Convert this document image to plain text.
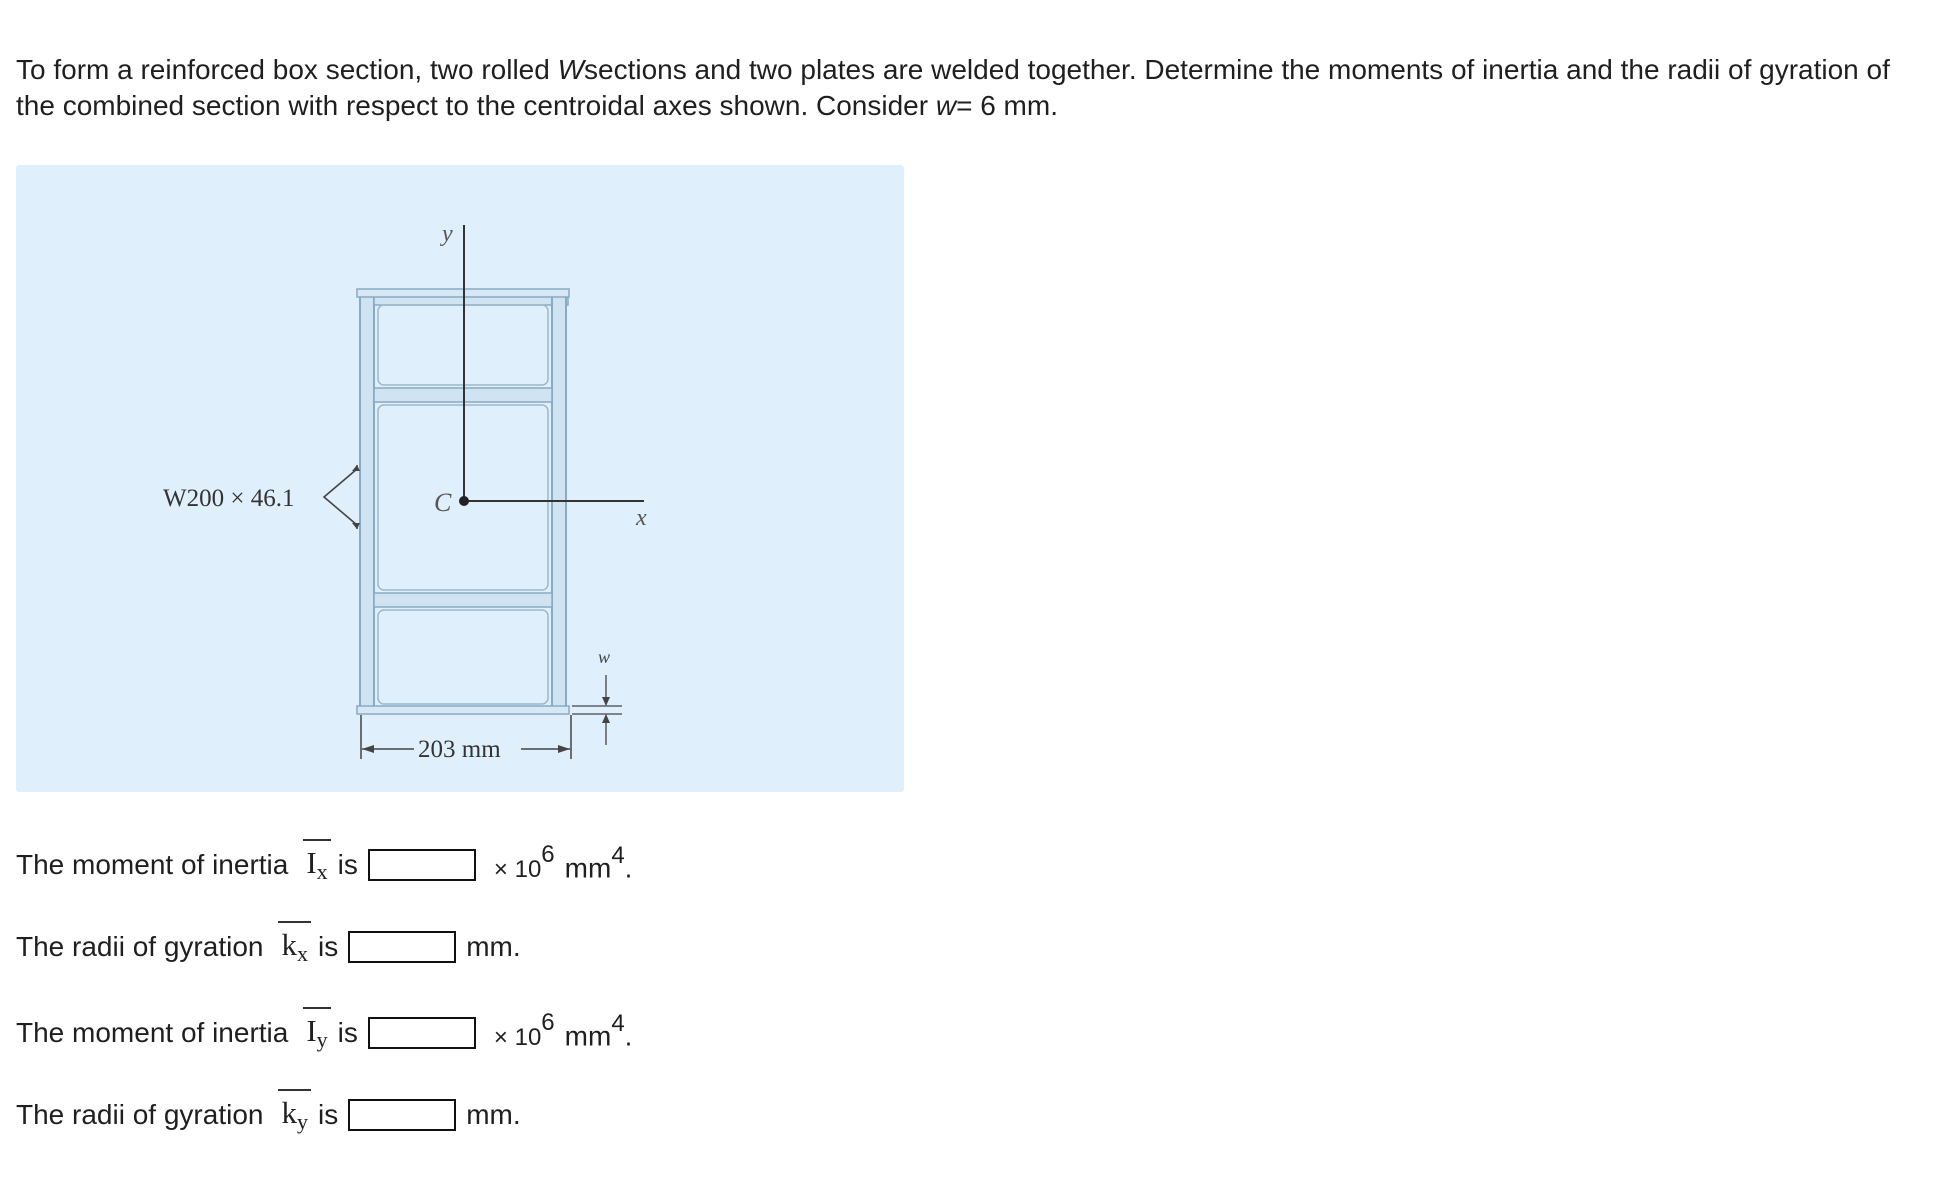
To form a reinforced box section, two rolled Wsections and two plates are welded together. Determine the moments of inertia and the radii of gyration of the combined section with respect to the centroidal axes shown. Consider w= 6 mm.

y
x
C
W200 × 46.1
203 mm
w
The moment of inertia $I_x$ is	× $10^6$ $mm^4$.
The radii of gyration $k_x$ is	mm.
The moment of inertia $I_y$ is	× $10^6$ $mm^4$.
The radii of gyration $k_y$ is	mm.
